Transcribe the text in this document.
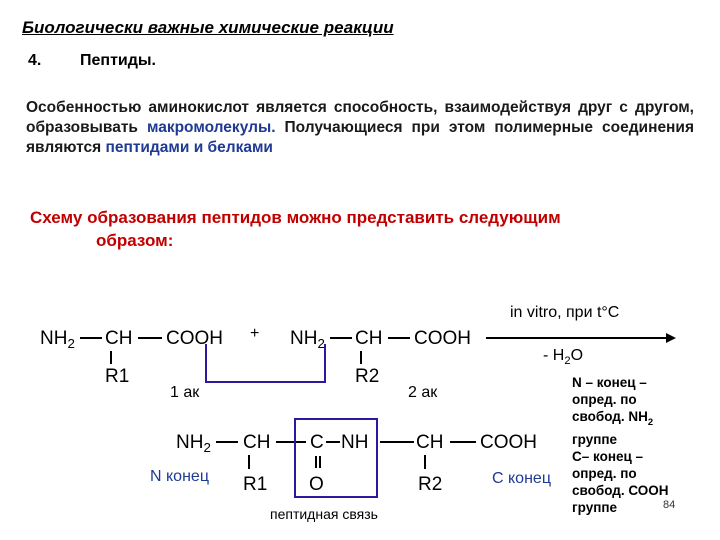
Биологически важные химические реакции
4. Пептиды.
Особенностью аминокислот является способность, взаимодействуя друг с другом, образовывать макромолекулы. Получающиеся при этом полимерные соединения являются пептидами и белками
Схему образования пептидов можно представить следующим
образом:
in vitro, при t°C
- $H_2O$
$NH_2$ CH COOH
R1
+ $NH_2$ CH COOH
R2
1 ак	2 ак
$NH_2$ CH C NH	CH COOH
R1 O	R2
N конец	C конец
пептидная связь
N – конец –
опред. по
свобод. $NH_2$
группе
С– конец –
опред. по
свобод. СООН
группе	84
